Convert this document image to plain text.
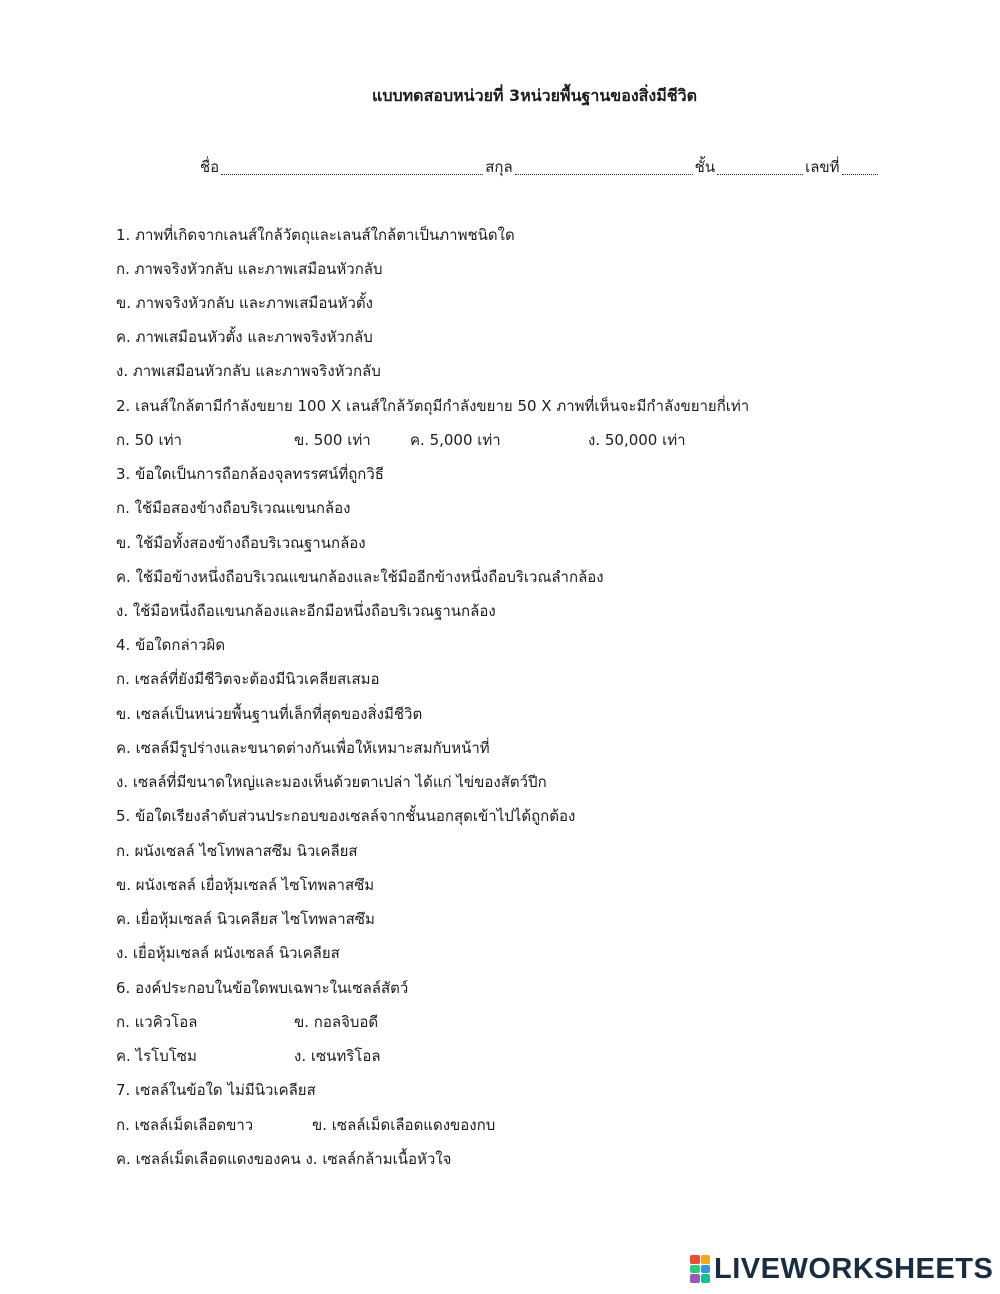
แบบทดสอบหน่วยที่ 3หน่วยพื้นฐานของสิ่งมีชีวิต
ชื่อ	สกุล	ชั้น	เลขที่
1. ภาพที่เกิดจากเลนส์ใกล้วัตถุและเลนส์ใกล้ตาเป็นภาพชนิดใด
ก. ภาพจริงหัวกลับ และภาพเสมือนหัวกลับ
ข. ภาพจริงหัวกลับ และภาพเสมือนหัวตั้ง
ค. ภาพเสมือนหัวตั้ง และภาพจริงหัวกลับ
ง. ภาพเสมือนหัวกลับ และภาพจริงหัวกลับ
2. เลนส์ใกล้ตามีกำลังขยาย 100 X เลนส์ใกล้วัตถุมีกำลังขยาย 50 X ภาพที่เห็นจะมีกำลังขยายกี่เท่า
ก. 50 เท่า	ข. 500 เท่า	ค. 5,000 เท่า	ง. 50,000 เท่า
3. ข้อใดเป็นการถือกล้องจุลทรรศน์ที่ถูกวิธี
ก. ใช้มือสองข้างถือบริเวณแขนกล้อง
ข. ใช้มือทั้งสองข้างถือบริเวณฐานกล้อง
ค. ใช้มือข้างหนึ่งถือบริเวณแขนกล้องและใช้มืออีกข้างหนึ่งถือบริเวณลำกล้อง
ง. ใช้มือหนึ่งถือแขนกล้องและอีกมือหนึ่งถือบริเวณฐานกล้อง
4. ข้อใดกล่าวผิด
ก. เซลล์ที่ยังมีชีวิตจะต้องมีนิวเคลียสเสมอ
ข. เซลล์เป็นหน่วยพื้นฐานที่เล็กที่สุดของสิ่งมีชีวิต
ค. เซลล์มีรูปร่างและขนาดต่างกันเพื่อให้เหมาะสมกับหน้าที่
ง. เซลล์ที่มีขนาดใหญ่และมองเห็นด้วยตาเปล่า ได้แก่ ไข่ของสัตว์ปีก
5. ข้อใดเรียงลำดับส่วนประกอบของเซลล์จากชั้นนอกสุดเข้าไปได้ถูกต้อง
ก. ผนังเซลล์ ไซโทพลาสซึม นิวเคลียส
ข. ผนังเซลล์ เยื่อหุ้มเซลล์ ไซโทพลาสซึม
ค. เยื่อหุ้มเซลล์ นิวเคลียส ไซโทพลาสซึม
ง. เยื่อหุ้มเซลล์ ผนังเซลล์ นิวเคลียส
6. องค์ประกอบในข้อใดพบเฉพาะในเซลล์สัตว์
ก. แวคิวโอล	ข. กอลจิบอดี
ค. ไรโบโซม	ง. เซนทริโอล
7. เซลล์ในข้อใด ไม่มีนิวเคลียส
ก. เซลล์เม็ดเลือดขาว	ข. เซลล์เม็ดเลือดแดงของกบ
ค. เซลล์เม็ดเลือดแดงของคน ง. เซลล์กล้ามเนื้อหัวใจ
LIVEWORKSHEETS
